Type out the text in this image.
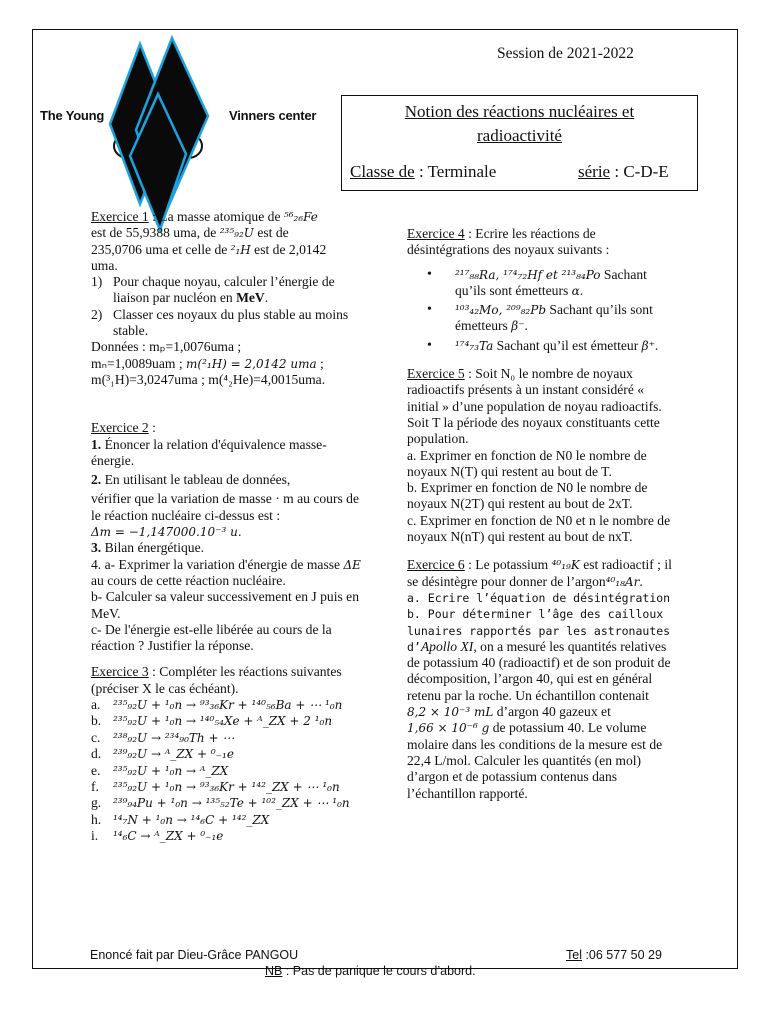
Session de 2021-2022
The Young	Vinners center	Notion des réactions nucléaires et
radioactivité
Classe de : Terminale	série : C-D-E

Exercice 1 : La masse atomique de ⁵⁶₂₆Fe

est de 55,9388 uma, de ²³⁵₉₂U est de

235,0706 uma et celle de ²₁H est de 2,0142

uma.

1) Pour chaque noyau, calculer l’énergie de liaison par nucléon en MeV.
2) Classer ces noyaux du plus stable au moins stable.

Données : mₚ=1,0076uma ;

mₙ=1,0089uam ; m(²₁H) = 2,0142 uma ;

m(³₁H)=3,0247uma ; m(⁴₂He)=4,0015uma.

Exercice 2 :

1. Énoncer la relation d'équivalence masse-énergie.

2. En utilisant le tableau de données,

vérifier que la variation de masse · m au cours de le réaction nucléaire ci-dessus est : Δm = −1,147000.10⁻³ u.

3. Bilan énergétique.

4. a- Exprimer la variation d'énergie de masse ΔE au cours de cette réaction nucléaire.

b- Calculer sa valeur successivement en J puis en MeV.

c- De l'énergie est-elle libérée au cours de la réaction ? Justifier la réponse.

Exercice 3 : Compléter les réactions suivantes (préciser X le cas échéant).

a. ²³⁵₉₂U + ¹₀n → ⁹³₃₆Kr + ¹⁴⁰₅₆Ba + ⋯ ¹₀n
b. ²³⁵₉₂U + ¹₀n → ¹⁴⁰₅₄Xe + ᴬ_ZX + 2 ¹₀n
c. ²³⁸₉₂U → ²³⁴₉₀Th + ⋯
d. ²³⁹₉₂U → ᴬ_ZX + ⁰₋₁e
e. ²³⁵₉₂U + ¹₀n → ᴬ_ZX
f. ²³⁵₉₂U + ¹₀n → ⁹³₃₆Kr + ¹⁴²_ZX + ⋯ ¹₀n
g. ²³⁹₉₄Pu + ¹₀n → ¹³⁵₅₂Te + ¹⁰²_ZX + ⋯ ¹₀n
h. ¹⁴₇N + ¹₀n → ¹⁴₆C + ¹⁴²_ZX
i. ¹⁴₆C → ᴬ_ZX + ⁰₋₁e

Exercice 4 : Ecrire les réactions de désintégrations des noyaux suivants :

• ²¹⁷₈₈Ra, ¹⁷⁴₇₂Hf et ²¹³₈₄Po Sachant qu’ils sont émetteurs α.
• ¹⁰³₄₂Mo, ²⁰⁹₈₂Pb Sachant qu’ils sont émetteurs β⁻.
• ¹⁷⁴₇₃Ta Sachant qu’il est émetteur β⁺.

Exercice 5 : Soit N₀ le nombre de noyaux radioactifs présents à un instant considéré « initial » d’une population de noyau radioactifs. Soit T la période des noyaux constituants cette population.

a. Exprimer en fonction de N0 le nombre de noyaux N(T) qui restent au bout de T.

b. Exprimer en fonction de N0 le nombre de noyaux N(2T) qui restent au bout de 2xT.

c. Exprimer en fonction de N0 et n le nombre de noyaux N(nT) qui restent au bout de nxT.

Exercice 6 : Le potassium ⁴⁰₁₉K est radioactif ; il se désintègre pour donner de l’argon⁴⁰₁₈Ar.

a. Ecrire l’équation de désintégration

b. Pour déterminer l’âge des cailloux lunaires rapportés par les astronautes d’Apollo XI, on a mesuré les quantités relatives de potassium 40 (radioactif) et de son produit de décomposition, l’argon 40, qui est en général retenu par la roche. Un échantillon contenait 8,2 × 10⁻³ mL d’argon 40 gazeux et 1,66 × 10⁻⁶ g de potassium 40. Le volume molaire dans les conditions de la mesure est de 22,4 L/mol. Calculer les quantités (en mol) d’argon et de potassium contenus dans l’échantillon rapporté.

Enoncé fait par Dieu-Grâce PANGOU	Tel :06 577 50 29
NB : Pas de panique le cours d’abord.
